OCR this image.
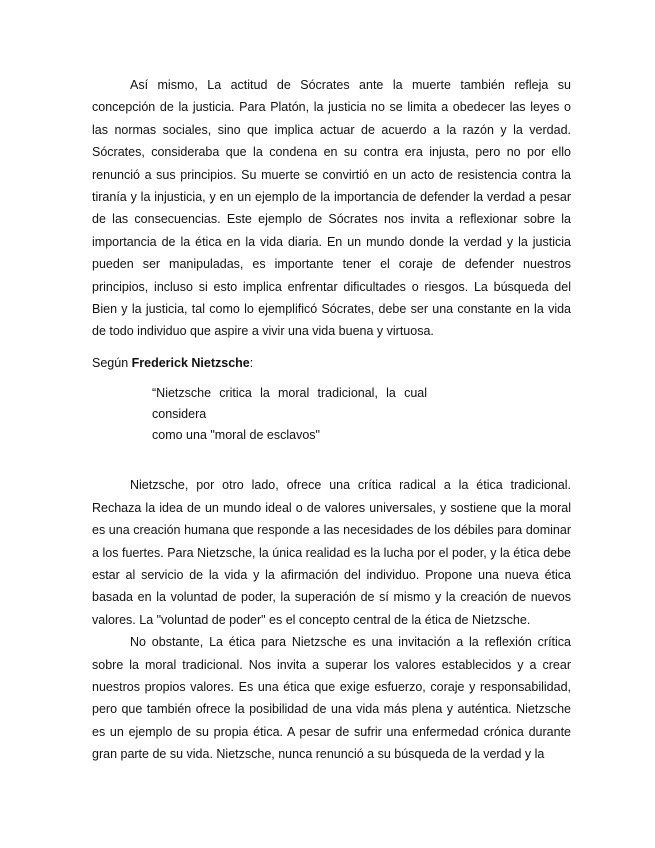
Así mismo, La actitud de Sócrates ante la muerte también refleja su concepción de la justicia. Para Platón, la justicia no se limita a obedecer las leyes o las normas sociales, sino que implica actuar de acuerdo a la razón y la verdad. Sócrates, consideraba que la condena en su contra era injusta, pero no por ello renunció a sus principios. Su muerte se convirtió en un acto de resistencia contra la tiranía y la injusticia, y en un ejemplo de la importancia de defender la verdad a pesar de las consecuencias. Este ejemplo de Sócrates nos invita a reflexionar sobre la importancia de la ética en la vida diaria. En un mundo donde la verdad y la justicia pueden ser manipuladas, es importante tener el coraje de defender nuestros principios, incluso si esto implica enfrentar dificultades o riesgos. La búsqueda del Bien y la justicia, tal como lo ejemplificó Sócrates, debe ser una constante en la vida de todo individuo que aspire a vivir una vida buena y virtuosa.

Según Frederick Nietzsche:

“Nietzsche critica la moral tradicional, la cual considera
como una "moral de esclavos"

Nietzsche, por otro lado, ofrece una crítica radical a la ética tradicional. Rechaza la idea de un mundo ideal o de valores universales, y sostiene que la moral es una creación humana que responde a las necesidades de los débiles para dominar a los fuertes. Para Nietzsche, la única realidad es la lucha por el poder, y la ética debe estar al servicio de la vida y la afirmación del individuo. Propone una nueva ética basada en la voluntad de poder, la superación de sí mismo y la creación de nuevos valores. La "voluntad de poder" es el concepto central de la ética de Nietzsche.

No obstante, La ética para Nietzsche es una invitación a la reflexión crítica sobre la moral tradicional. Nos invita a superar los valores establecidos y a crear nuestros propios valores. Es una ética que exige esfuerzo, coraje y responsabilidad, pero que también ofrece la posibilidad de una vida más plena y auténtica. Nietzsche es un ejemplo de su propia ética. A pesar de sufrir una enfermedad crónica durante gran parte de su vida. Nietzsche, nunca renunció a su búsqueda de la verdad y la
